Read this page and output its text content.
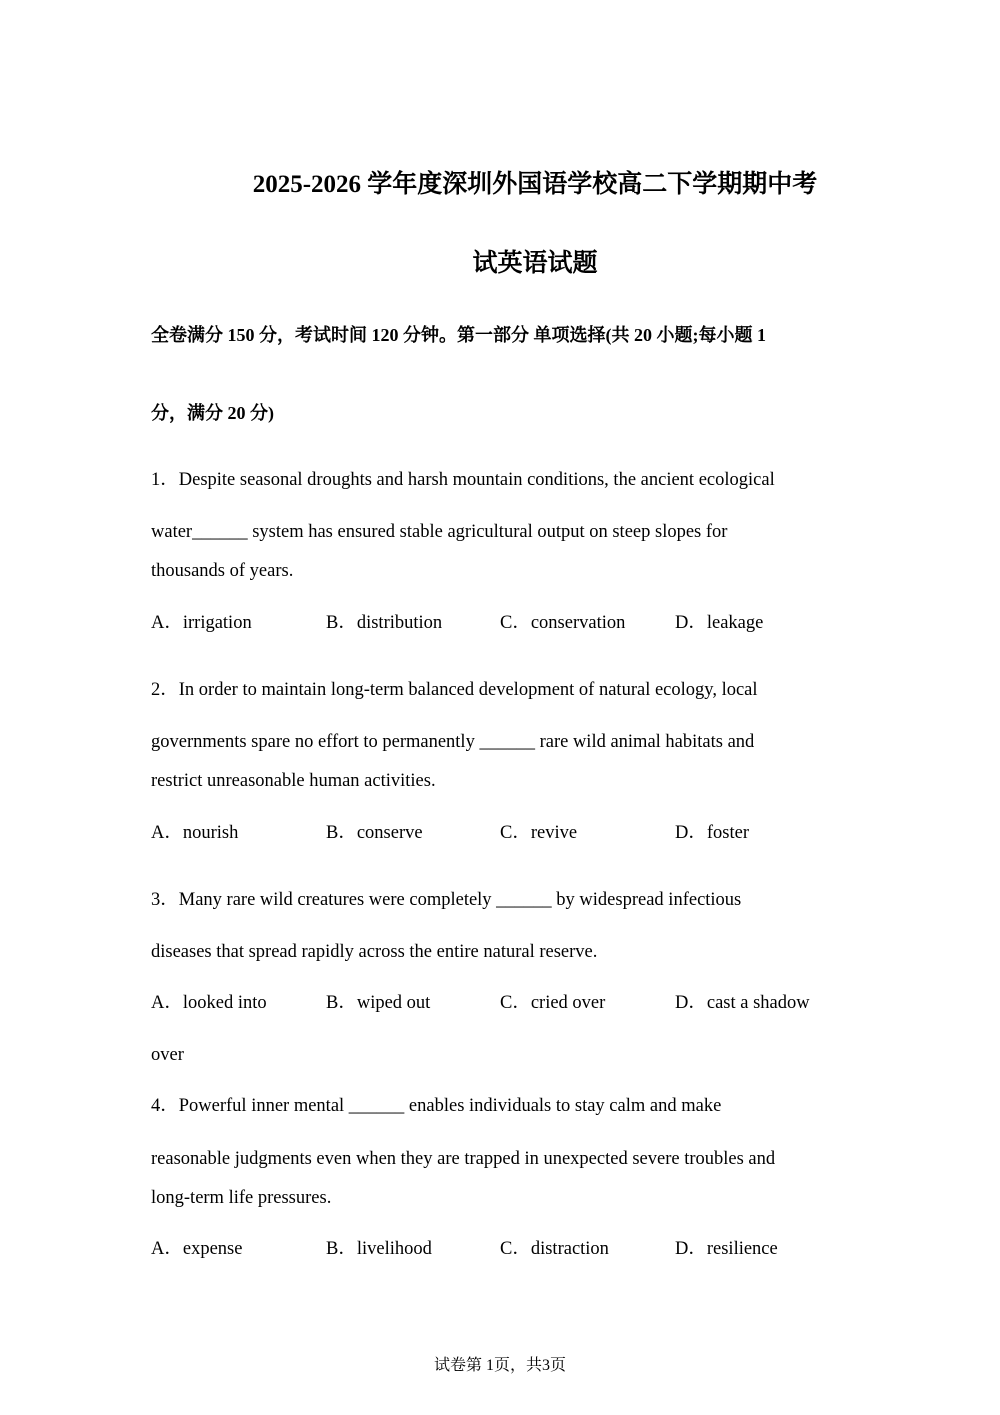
2025-2026 学年度深圳外国语学校高二下学期期中考
试英语试题
全卷满分 150 分，考试时间 120 分钟。第一部分 单项选择(共 20 小题;每小题 1
分，满分 20 分)
1．Despite seasonal droughts and harsh mountain conditions, the ancient ecological
water______ system has ensured stable agricultural output on steep slopes for
thousands of years.
A．irrigation	B．distribution	C．conservation	D．leakage
2．In order to maintain long-term balanced development of natural ecology, local
governments spare no effort to permanently ______ rare wild animal habitats and
restrict unreasonable human activities.
A．nourish	B．conserve	C．revive	D．foster
3．Many rare wild creatures were completely ______ by widespread infectious
diseases that spread rapidly across the entire natural reserve.
A．looked into	B．wiped out	C．cried over	D．cast a shadow
over
4．Powerful inner mental ______ enables individuals to stay calm and make
reasonable judgments even when they are trapped in unexpected severe troubles and
long-term life pressures.
A．expense	B．livelihood	C．distraction	D．resilience
试卷第 1页，共3页
